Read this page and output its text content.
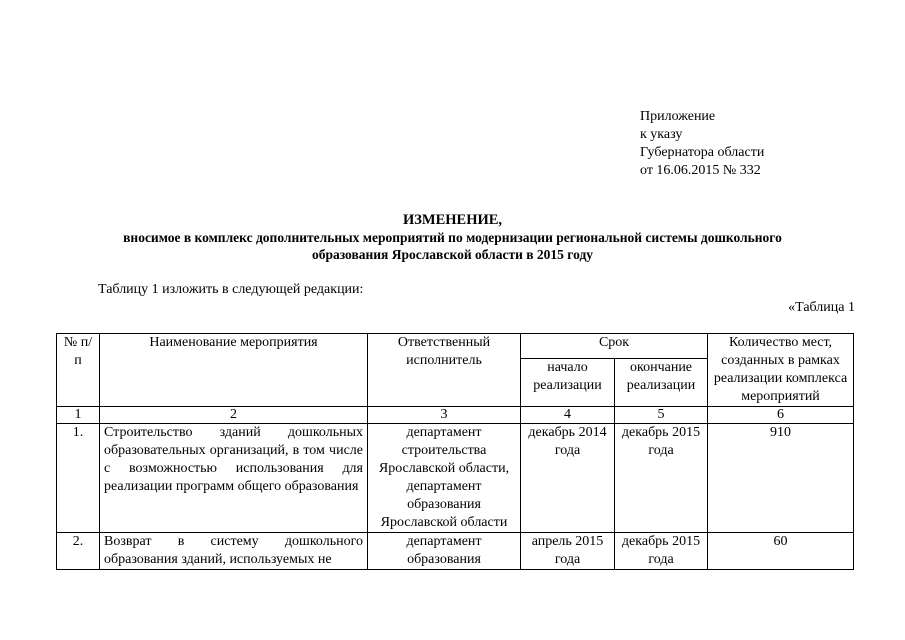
Приложение
к указу
Губернатора области
от 16.06.2015 № 332
ИЗМЕНЕНИЕ,
вносимое в комплекс дополнительных мероприятий по модернизации региональной системы дошкольного
образования Ярославской области в 2015 году
Таблицу 1 изложить в следующей редакции:
«Таблица 1
№ п/п	Наименование мероприятия	Ответственный исполнитель	Срок		Количество мест, созданных в рамках реализации комплекса мероприятий
			начало реализации	окончание реализации	
1	2	3	4	5	6
1.	Строительство зданий дошкольных образовательных организаций, в том числе с возможностью использования для реализации программ общего образования	департамент строительства Ярославской области, департамент образования Ярославской области	декабрь 2014 года	декабрь 2015 года	910
2.	Возврат в систему дошкольного образования зданий, используемых не	департамент образования	апрель 2015 года	декабрь 2015 года	60
